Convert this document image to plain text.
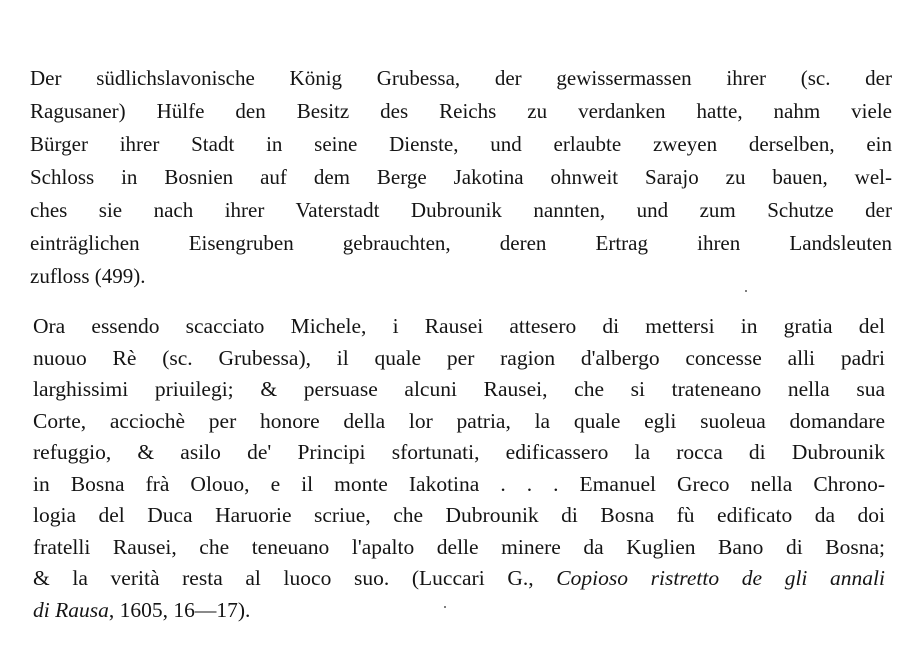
Der südlichslavonische König Grubessa, der gewissermassen ihrer (sc. der
Ragusaner) Hülfe den Besitz des Reichs zu verdanken hatte, nahm viele
Bürger ihrer Stadt in seine Dienste, und erlaubte zweyen derselben, ein
Schloss in Bosnien auf dem Berge Jakotina ohnweit Sarajo zu bauen, wel-
ches sie nach ihrer Vaterstadt Dubrounik nannten, und zum Schutze der
einträglichen Eisengruben gebrauchten, deren Ertrag ihren Landsleuten
zufloss (499).

Ora essendo scacciato Michele, i Rausei attesero di mettersi in gratia del
nuouo Rè (sc. Grubessa), il quale per ragion d'albergo concesse alli padri
larghissimi priuilegi; & persuase alcuni Rausei, che si trateneano nella sua
Corte, acciochè per honore della lor patria, la quale egli suoleua domandare
refuggio, & asilo de' Principi sfortunati, edificassero la rocca di Dubrounik
in Bosna frà Olouo, e il monte Iakotina . . . Emanuel Greco nella Chrono-
logia del Duca Haruorie scriue, che Dubrounik di Bosna fù edificato da doi
fratelli Rausei, che teneuano l'apalto delle minere da Kuglien Bano di Bosna;
& la verità resta al luoco suo. (Luccari G., Copioso ristretto de gli annali
di Rausa, 1605, 16—17).
